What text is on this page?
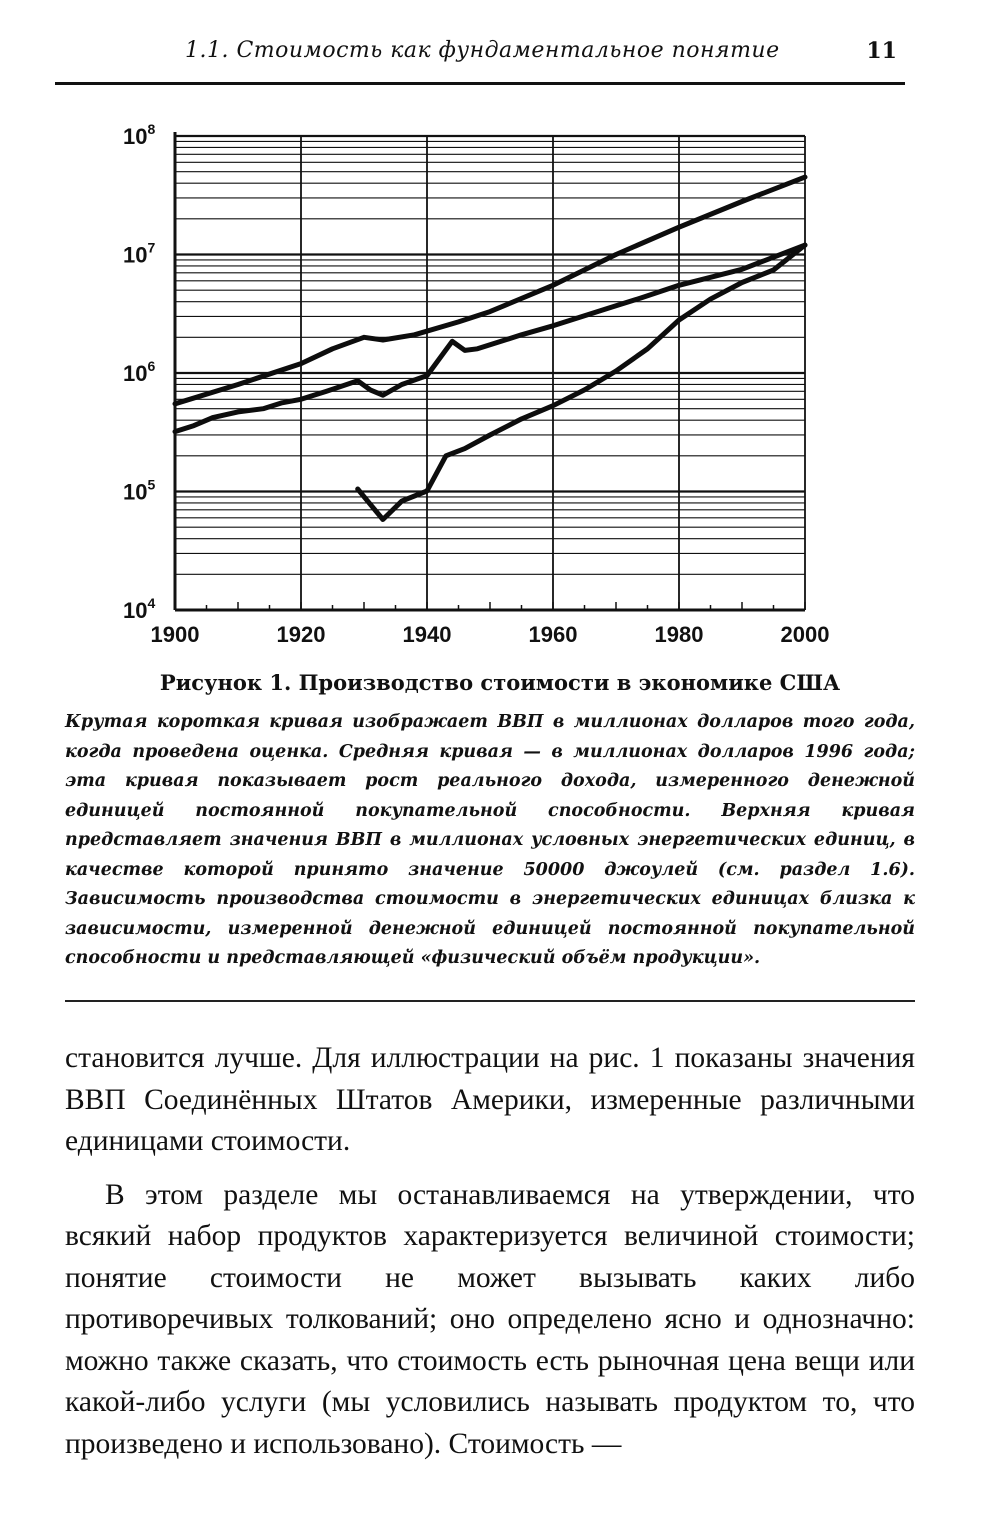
1.1. Стоимость как фундаментальное понятие	11
1900	1920	1940	1960	1980	2000
$10^4$
$10^5$
$10^6$
$10^7$
$10^8$
Рисунок 1. Производство стоимости в экономике США
Крутая короткая кривая изображает ВВП в миллионах долларов того года, когда проведена оценка. Средняя кривая — в миллионах долларов 1996 года; эта кривая показывает рост реального дохода, измеренного денежной единицей постоянной покупательной способности. Верхняя кривая представляет значения ВВП в миллионах условных энергетических единиц, в качестве которой принято значение 50000 джоулей (см. раздел 1.6). Зависимость производства стоимости в энергетических единицах близка к зависимости, измеренной денежной единицей постоянной покупательной способности и представляющей «физический объём продукции».

становится лучше. Для иллюстрации на рис. 1 показаны значения ВВП Соединённых Штатов Америки, измеренные различными единицами стоимости.

В этом разделе мы останавливаемся на утверждении, что всякий набор продуктов характеризуется величиной стоимости; понятие стоимости не может вызывать каких либо противоречивых толкований; оно определено ясно и однозначно: можно также сказать, что стоимость есть рыночная цена вещи или какой-либо услуги (мы условились называть продуктом то, что произведено и использовано). Стоимость —
